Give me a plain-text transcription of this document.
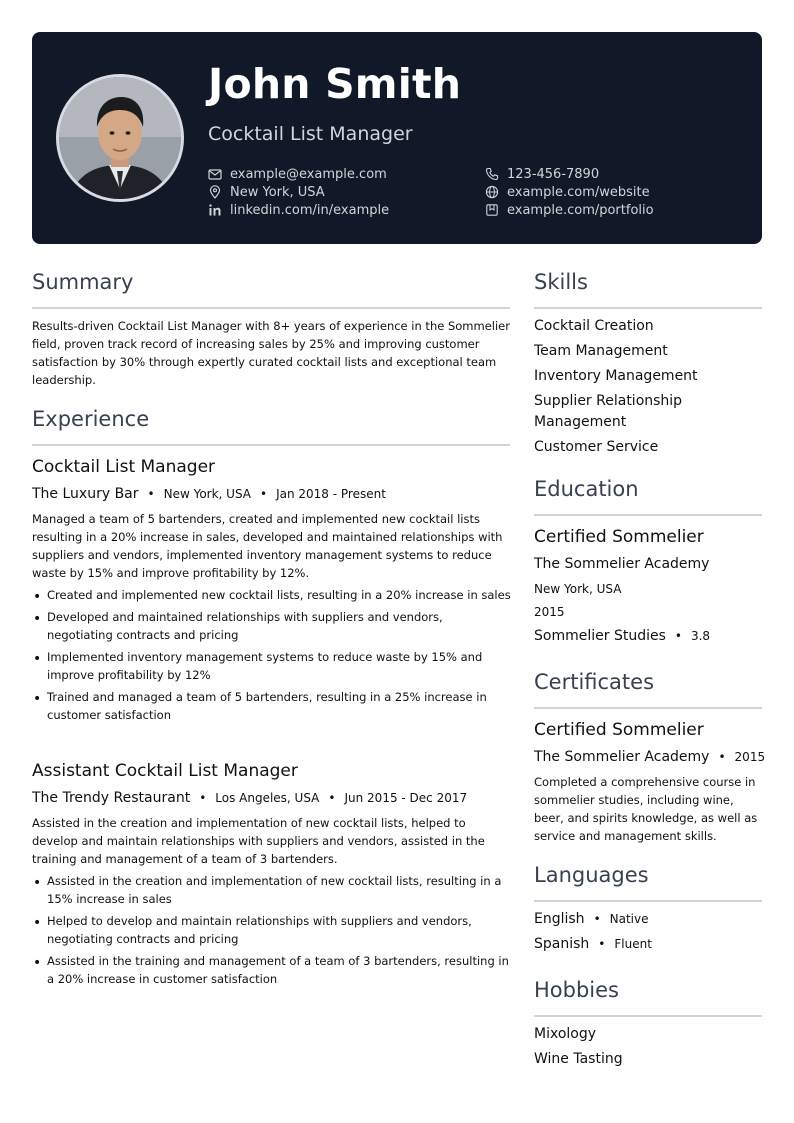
John Smith
Cocktail List Manager
example@example.com
New York, USA
linkedin.com/in/example
123-456-7890
example.com/website
example.com/portfolio
Summary
Results-driven Cocktail List Manager with 8+ years of experience in the Sommelier field, proven track record of increasing sales by 25% and improving customer satisfaction by 30% through expertly curated cocktail lists and exceptional team leadership.
Experience
Cocktail List Manager
The Luxury Bar • New York, USA • Jan 2018 - Present
Managed a team of 5 bartenders, created and implemented new cocktail lists resulting in a 20% increase in sales, developed and maintained relationships with suppliers and vendors, implemented inventory management systems to reduce waste by 15% and improve profitability by 12%.
• Created and implemented new cocktail lists, resulting in a 20% increase in sales
• Developed and maintained relationships with suppliers and vendors, negotiating contracts and pricing
• Implemented inventory management systems to reduce waste by 15% and improve profitability by 12%
• Trained and managed a team of 5 bartenders, resulting in a 25% increase in customer satisfaction
Assistant Cocktail List Manager
The Trendy Restaurant • Los Angeles, USA • Jun 2015 - Dec 2017
Assisted in the creation and implementation of new cocktail lists, helped to develop and maintain relationships with suppliers and vendors, assisted in the training and management of a team of 3 bartenders.
• Assisted in the creation and implementation of new cocktail lists, resulting in a 15% increase in sales
• Helped to develop and maintain relationships with suppliers and vendors, negotiating contracts and pricing
• Assisted in the training and management of a team of 3 bartenders, resulting in a 20% increase in customer satisfaction
Skills
Cocktail Creation
Team Management
Inventory Management
Supplier Relationship Management
Customer Service
Education
Certified Sommelier
The Sommelier Academy
New York, USA
2015
Sommelier Studies • 3.8
Certificates
Certified Sommelier
The Sommelier Academy • 2015
Completed a comprehensive course in sommelier studies, including wine, beer, and spirits knowledge, as well as service and management skills.
Languages
English • Native
Spanish • Fluent
Hobbies
Mixology
Wine Tasting
